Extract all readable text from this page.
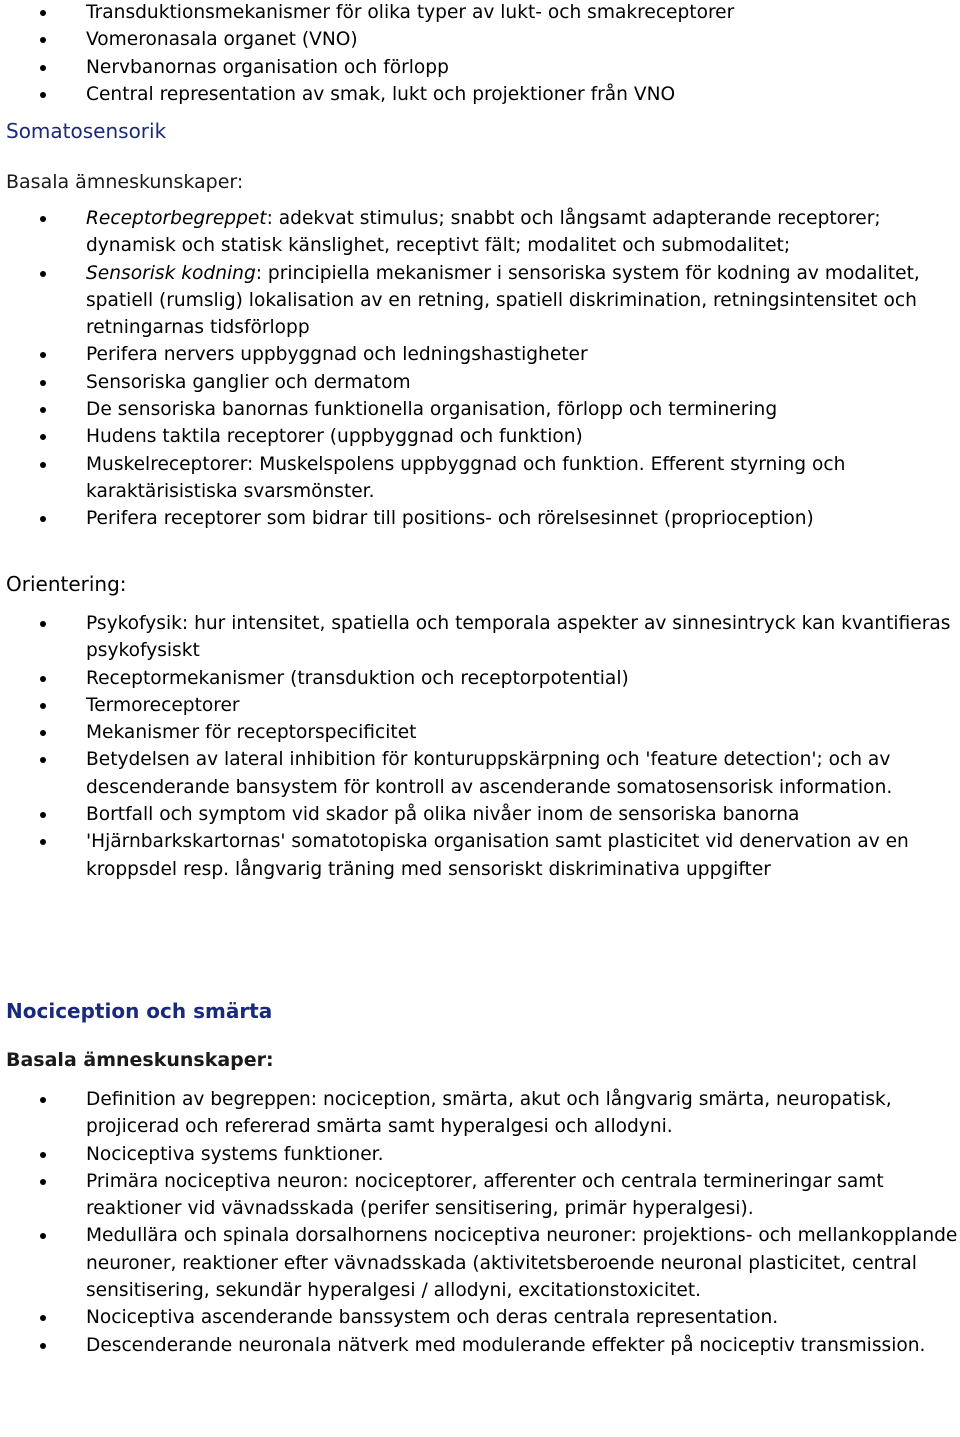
Transduktionsmekanismer för olika typer av lukt- och smakreceptorer
Vomeronasala organet (VNO)
Nervbanornas organisation och förlopp
Central representation av smak, lukt och projektioner från VNO
Somatosensorik
Basala ämneskunskaper:
Receptorbegreppet: adekvat stimulus; snabbt och långsamt adapterande receptorer; dynamisk och statisk känslighet, receptivt fält; modalitet och submodalitet;
Sensorisk kodning: principiella mekanismer i sensoriska system för kodning av modalitet, spatiell (rumslig) lokalisation av en retning, spatiell diskrimination, retningsintensitet och retningarnas tidsförlopp
Perifera nervers uppbyggnad och ledningshastigheter
Sensoriska ganglier och dermatom
De sensoriska banornas funktionella organisation, förlopp och terminering
Hudens taktila receptorer (uppbyggnad och funktion)
Muskelreceptorer: Muskelspolens uppbyggnad och funktion. Efferent styrning och karaktärisistiska svarsmönster.
Perifera receptorer som bidrar till positions- och rörelsesinnet (proprioception)
Orientering:
Psykofysik: hur intensitet, spatiella och temporala aspekter av sinnesintryck kan kvantifieras psykofysiskt
Receptormekanismer (transduktion och receptorpotential)
Termoreceptorer
Mekanismer för receptorspecificitet
Betydelsen av lateral inhibition för konturuppskärpning och 'feature detection'; och av descenderande bansystem för kontroll av ascenderande somatosensorisk information.
Bortfall och symptom vid skador på olika nivåer inom de sensoriska banorna
'Hjärnbarkskartornas' somatotopiska organisation samt plasticitet vid denervation av en kroppsdel resp. långvarig träning med sensoriskt diskriminativa uppgifter
Nociception och smärta
Basala ämneskunskaper:
Definition av begreppen: nociception, smärta, akut och långvarig smärta, neuropatisk, projicerad och refererad smärta samt hyperalgesi och allodyni.
Nociceptiva systems funktioner.
Primära nociceptiva neuron: nociceptorer, afferenter och centrala termineringar samt reaktioner vid vävnadsskada (perifer sensitisering, primär hyperalgesi).
Medullära och spinala dorsalhornens nociceptiva neuroner: projektions- och mellankopplande neuroner, reaktioner efter vävnadsskada (aktivitetsberoende neuronal plasticitet, central sensitisering, sekundär hyperalgesi / allodyni, excitationstoxicitet.
Nociceptiva ascenderande banssystem och deras centrala representation.
Descenderande neuronala nätverk med modulerande effekter på nociceptiv transmission.
